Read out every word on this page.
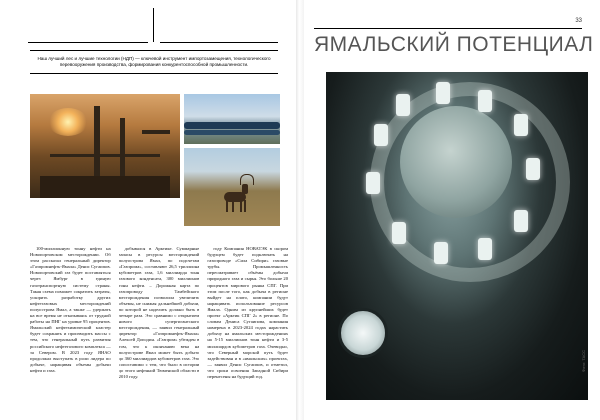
Наш лучший лес и лучшие технологии (НДП) — ключевой инструмент импортозамещения, технологического перевооружения производства, формирования конкурентоспособной промышленности.

100-миллионную тонну нефти на Новопортовском месторождении. Об этом рассказал генеральный директор «Газпромнефть-Ямала» Денис Сугаипов. Новопортовский газ будет поставляться через Ямбург в единую газотранспортную систему страны. Такая схема поможет сократить затраты, ускорить разработку других нефтегазовых месторождений полуострова Ямал, а также — удержать на все время не отказываясь от трудной работы на ПНГ на уровне 95 процентов. Ямальский нефтехимический кластер будет сохранять и производить массы с тем, что генеральный путь развития российского нефтегазового комплекса — за Севером. В 2023 году ЯНАО продолжал выступать в роли лидера по добыче, наращивая объемы добычи нефти и газа.

добывался в Арктике. Суммарные запасы в ресурсы месторождений полуострова Ямал, по подсчетам «Газпрома», составляют 26,5 триллиона кубометров газа, 1,6 миллиарда тонн газового конденсата, 300 миллионов тонн нефти. – Дорожная карта по газопроводу Тамбейского месторождения позволила увеличить объемы, не снижая дальнейшей добычи, по которой не наделить должно быть в четыре раза. Это сравнимо с открытием нового супергигантского месторождения, — заявил генеральный директор «Газпромнефть-Ямала» Алексей Доподин. «Газпром» убежден в том, что к окончанию века на полуострове Ямал может быть добыто до 360 миллиардов кубометров газа. Это сопоставимо с тем, что было в истории до этого нефтяной Тюменской области в 2010 году.

году Компания НОВАТЭК в скором будущем будет подключать на газопроводе «Сила Сибири» газовые трубы. Промышленность пересматривает объёмы добычи природного газа и сырья. Это больше 20 процентов мирового рынка СПГ. При этом после того, как добыча в регионе выйдет на плато, компании будут наращивать использование ресурсов Ямала. Одним из крупнейших будет проект «Арктик СПГ 2» в регионе. По словам Дениса Сугаипова, компания намерена в 2023-2024 годах нарастить добычу на ямальских месторождениях на 5-15 миллионов тонн нефти и 3-5 миллиардов кубометров газа. Очевидно, что Северный морской путь будет задействован и в «ямальских» проектах, — заявил Денис Сугаипов, и отметил, что сроки освоения Западной Сибири перенесены на будущий год.

33
ЯМАЛЬСКИЙ ПОТЕНЦИАЛ
Фото: ТАСС
